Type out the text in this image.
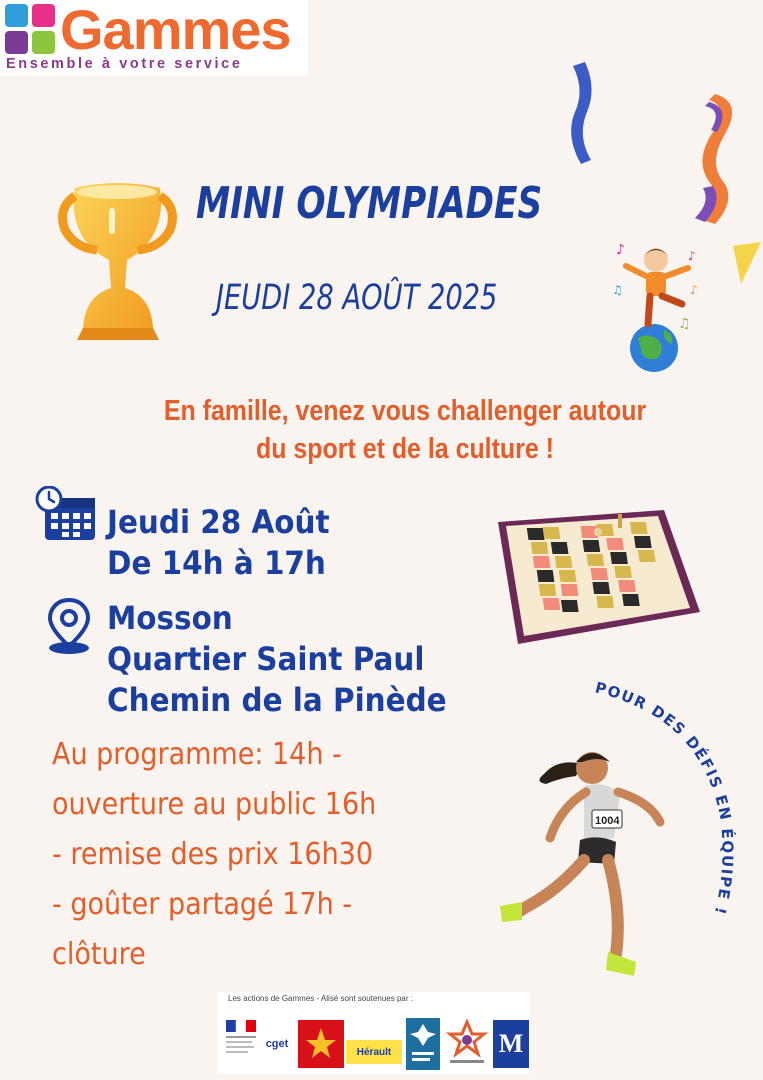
Gammes
Ensemble à votre service
♪	♪
♫	♪
♫
MINI OLYMPIADES
JEUDI 28 AOÛT 2025
En famille, venez vous challenger autour
du sport et de la culture !
Jeudi 28 Août
De 14h à 17h
Mosson
Quartier Saint Paul
Chemin de la Pinède	POUR DES DÉFIS EN ÉQUIPE !
1004
Au programme: 14h -
ouverture au public 16h
- remise des prix 16h30
- goûter partagé 17h -
clôture
Les actions de Gammes - Alisé sont soutenues par :
cget
Hérault	M
